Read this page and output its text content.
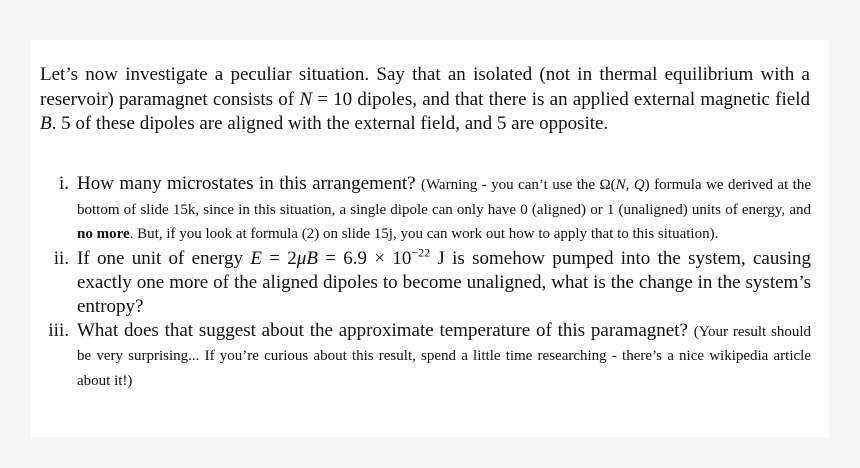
Let’s now investigate a peculiar situation. Say that an isolated (not in thermal equilibrium with a reservoir) paramagnet consists of N = 10 dipoles, and that there is an applied external magnetic field B. 5 of these dipoles are aligned with the external field, and 5 are opposite.

i. How many microstates in this arrangement? (Warning - you can’t use the Ω(N, Q) formula we derived at the bottom of slide 15k, since in this situation, a single dipole can only have 0 (aligned) or 1 (unaligned) units of energy, and no more. But, if you look at formula (2) on slide 15j, you can work out how to apply that to this situation).
ii. If one unit of energy $E = 2\mu B = 6.9 \times 10^{-22}$ J is somehow pumped into the system, causing exactly one more of the aligned dipoles to become unaligned, what is the change in the system’s entropy?
iii. What does that suggest about the approximate temperature of this paramagnet? (Your result should be very surprising... If you’re curious about this result, spend a little time researching - there’s a nice wikipedia article about it!)
